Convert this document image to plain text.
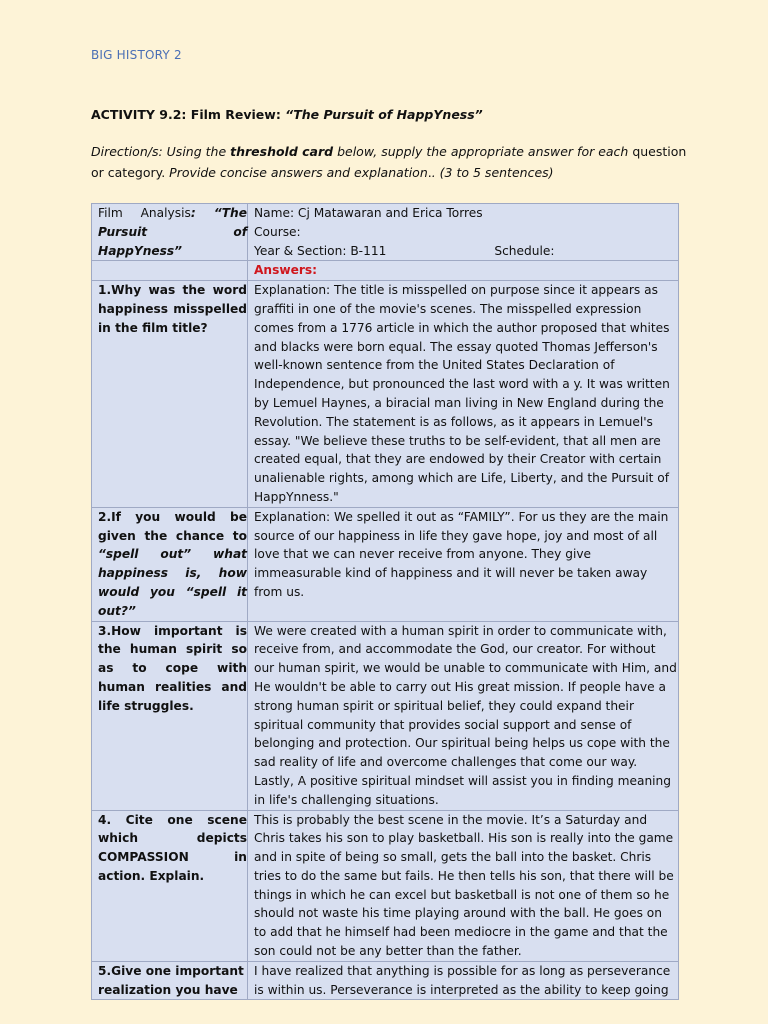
BIG HISTORY 2
ACTIVITY 9.2: Film Review: “The Pursuit of HappYness”
Direction/s: Using the threshold card below, supply the appropriate answer for each question
or category. Provide concise answers and explanation.. (3 to 5 sentences)
Film Analysis: “The Pursuit of HappYness”	Name: Cj Matawaran and Erica Torres
Course:
Year & Section: B-111 Schedule:

	Answers:
1.Why was the word happiness misspelled in the film title?	Explanation: The title is misspelled on purpose since it appears as graffiti in one of the movie's scenes. The misspelled expression comes from a 1776 article in which the author proposed that whites and blacks were born equal. The essay quoted Thomas Jefferson's well-known sentence from the United States Declaration of Independence, but pronounced the last word with a y. It was written by Lemuel Haynes, a biracial man living in New England during the Revolution. The statement is as follows, as it appears in Lemuel's essay. "We believe these truths to be self-evident, that all men are created equal, that they are endowed by their Creator with certain unalienable rights, among which are Life, Liberty, and the Pursuit of HappYnness."
2.If you would be given the chance to “spell out” what happiness is, how would you “spell it out?”	Explanation: We spelled it out as “FAMILY”. For us they are the main source of our happiness in life they gave hope, joy and most of all love that we can never receive from anyone. They give immeasurable kind of happiness and it will never be taken away from us.
3.How important is the human spirit so as to cope with human realities and life struggles.	We were created with a human spirit in order to communicate with, receive from, and accommodate the God, our creator. For without our human spirit, we would be unable to communicate with Him, and He wouldn't be able to carry out His great mission. If people have a strong human spirit or spiritual belief, they could expand their spiritual community that provides social support and sense of belonging and protection. Our spiritual being helps us cope with the sad reality of life and overcome challenges that come our way. Lastly, A positive spiritual mindset will assist you in finding meaning in life's challenging situations.
4. Cite one scene which depicts COMPASSION in action. Explain.	This is probably the best scene in the movie. It’s a Saturday and Chris takes his son to play basketball. His son is really into the game and in spite of being so small, gets the ball into the basket. Chris tries to do the same but fails. He then tells his son, that there will be things in which he can excel but basketball is not one of them so he should not waste his time playing around with the ball. He goes on to add that he himself had been mediocre in the game and that the son could not be any better than the father.
5.Give one important realization you have	I have realized that anything is possible for as long as perseverance is within us. Perseverance is interpreted as the ability to keep going
